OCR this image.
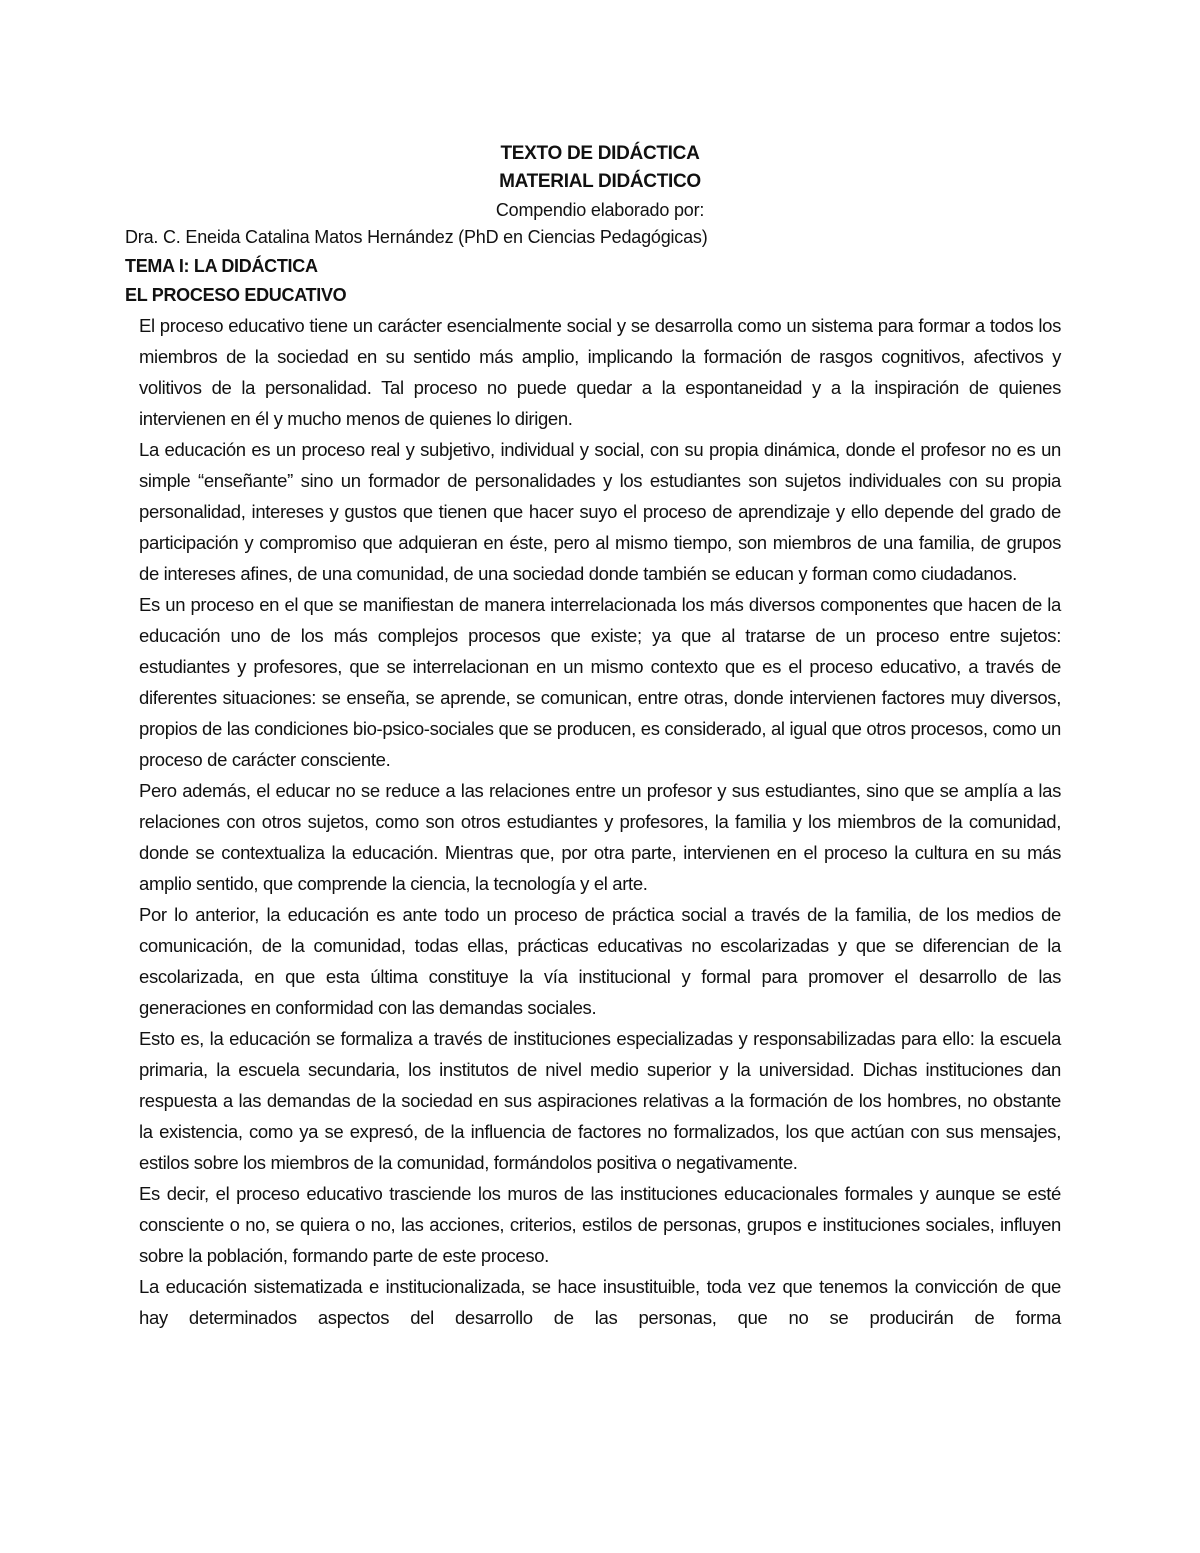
TEXTO DE DIDÁCTICA

MATERIAL DIDÁCTICO

Compendio elaborado por:

Dra. C. Eneida Catalina Matos Hernández (PhD en Ciencias Pedagógicas)
TEMA I: LA DIDÁCTICA
EL PROCESO EDUCATIVO

El proceso educativo tiene un carácter esencialmente social y se desarrolla como un sistema para formar a todos los miembros de la sociedad en su sentido más amplio, implicando la formación de rasgos cognitivos, afectivos y volitivos de la personalidad. Tal proceso no puede quedar a la espontaneidad y a la inspiración de quienes intervienen en él y mucho menos de quienes lo dirigen.

La educación es un proceso real y subjetivo, individual y social, con su propia dinámica, donde el profesor no es un simple “enseñante” sino un formador de personalidades y los estudiantes son sujetos individuales con su propia personalidad, intereses y gustos que tienen que hacer suyo el proceso de aprendizaje y ello depende del grado de participación y compromiso que adquieran en éste, pero al mismo tiempo, son miembros de una familia, de grupos de intereses afines, de una comunidad, de una sociedad donde también se educan y forman como ciudadanos.

Es un proceso en el que se manifiestan de manera interrelacionada los más diversos componentes que hacen de la educación uno de los más complejos procesos que existe; ya que al tratarse de un proceso entre sujetos: estudiantes y profesores, que se interrelacionan en un mismo contexto que es el proceso educativo, a través de diferentes situaciones: se enseña, se aprende, se comunican, entre otras, donde intervienen factores muy diversos, propios de las condiciones bio-psico-sociales que se producen, es considerado, al igual que otros procesos, como un proceso de carácter consciente.

Pero además, el educar no se reduce a las relaciones entre un profesor y sus estudiantes, sino que se amplía a las relaciones con otros sujetos, como son otros estudiantes y profesores, la familia y los miembros de la comunidad, donde se contextualiza la educación. Mientras que, por otra parte, intervienen en el proceso la cultura en su más amplio sentido, que comprende la ciencia, la tecnología y el arte.

Por lo anterior, la educación es ante todo un proceso de práctica social a través de la familia, de los medios de comunicación, de la comunidad, todas ellas, prácticas educativas no escolarizadas y que se diferencian de la escolarizada, en que esta última constituye la vía institucional y formal para promover el desarrollo de las generaciones en conformidad con las demandas sociales.

Esto es, la educación se formaliza a través de instituciones especializadas y responsabilizadas para ello: la escuela primaria, la escuela secundaria, los institutos de nivel medio superior y la universidad. Dichas instituciones dan respuesta a las demandas de la sociedad en sus aspiraciones relativas a la formación de los hombres, no obstante la existencia, como ya se expresó, de la influencia de factores no formalizados, los que actúan con sus mensajes, estilos sobre los miembros de la comunidad, formándolos positiva o negativamente.

Es decir, el proceso educativo trasciende los muros de las instituciones educacionales formales y aunque se esté consciente o no, se quiera o no, las acciones, criterios, estilos de personas, grupos e instituciones sociales, influyen sobre la población, formando parte de este proceso.

La educación sistematizada e institucionalizada, se hace insustituible, toda vez que tenemos la convicción de que hay determinados aspectos del desarrollo de las personas, que no se producirán de forma
